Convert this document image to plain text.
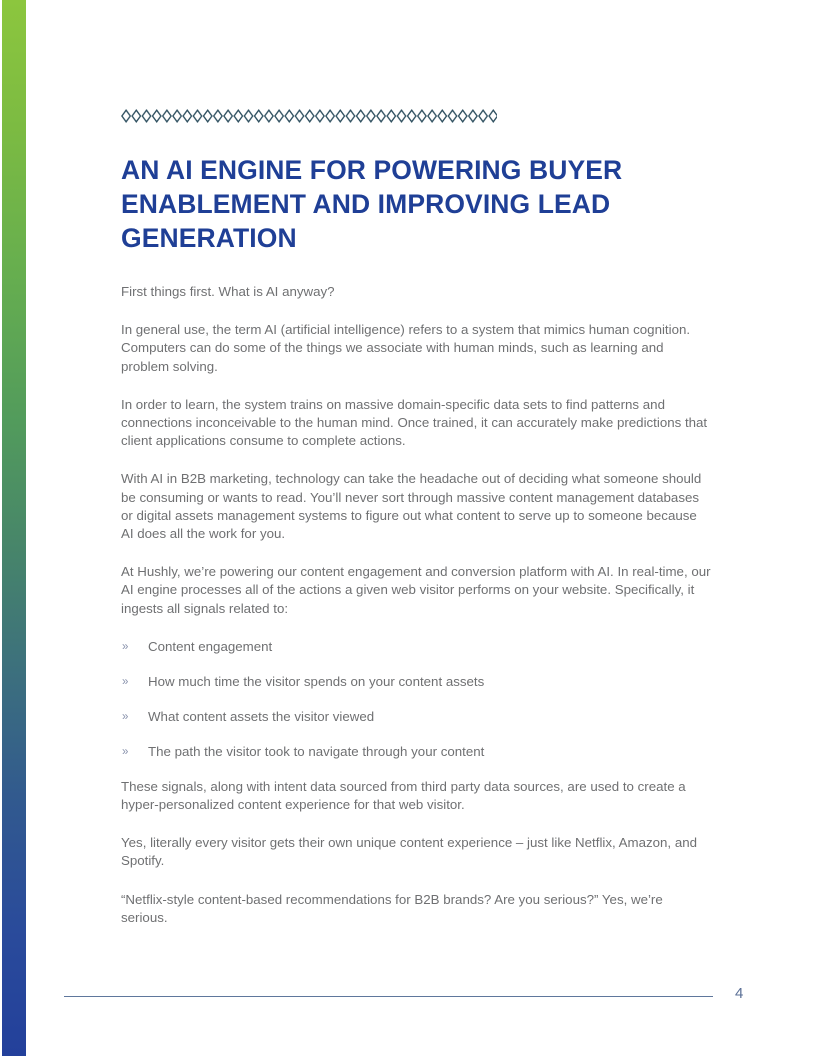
AN AI ENGINE FOR POWERING BUYER ENABLEMENT AND IMPROVING LEAD GENERATION

First things first. What is AI anyway?

In general use, the term AI (artificial intelligence) refers to a system that mimics human cognition. Computers can do some of the things we associate with human minds, such as learning and problem solving.

In order to learn, the system trains on massive domain-specific data sets to find patterns and connections inconceivable to the human mind. Once trained, it can accurately make predictions that client applications consume to complete actions.

With AI in B2B marketing, technology can take the headache out of deciding what someone should be consuming or wants to read. You’ll never sort through massive content management databases or digital assets management systems to figure out what content to serve up to someone because AI does all the work for you.

At Hushly, we’re powering our content engagement and conversion platform with AI. In real-time, our AI engine processes all of the actions a given web visitor performs on your website. Specifically, it ingests all signals related to:

» Content engagement
» How much time the visitor spends on your content assets
» What content assets the visitor viewed
» The path the visitor took to navigate through your content

These signals, along with intent data sourced from third party data sources, are used to create a hyper-personalized content experience for that web visitor.

Yes, literally every visitor gets their own unique content experience – just like Netflix, Amazon, and Spotify.

“Netflix-style content-based recommendations for B2B brands? Are you serious?” Yes, we’re serious.

4
